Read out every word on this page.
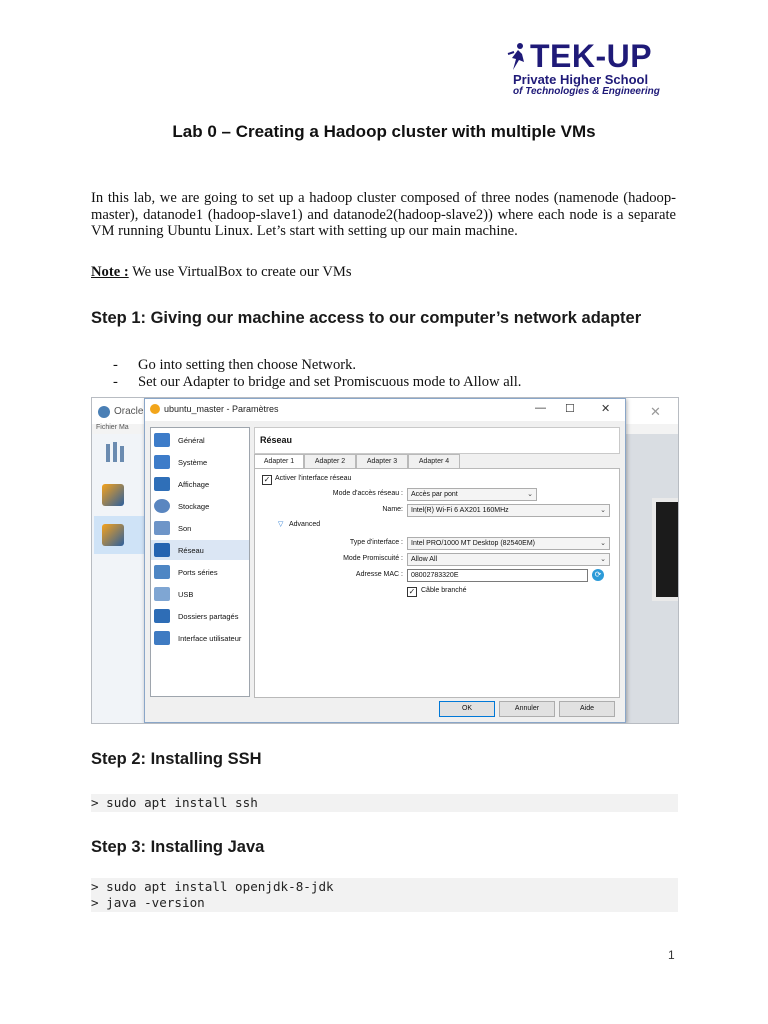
TEK-UP
Private Higher School
of Technologies & Engineering
Lab 0 – Creating a Hadoop cluster with multiple VMs
In this lab, we are going to set up a hadoop cluster composed of three nodes (namenode (hadoop-master), datanode1 (hadoop-slave1) and datanode2(hadoop-slave2)) where each node is a separate VM running Ubuntu Linux. Let’s start with setting up our main machine.
Note : We use VirtualBox to create our VMs
Step 1: Giving our machine access to our computer’s network adapter
- Go into setting then choose Network.
- Set our Adapter to bridge and set Promiscuous mode to Allow all.
Oracle	✕
Fichier Ma
ubuntu_master - Paramètres	— ☐ ✕
Général
Système
Affichage
Stockage
Son
Réseau
Ports séries
USB
Dossiers partagés
Interface utilisateur
Réseau
Adapter 1	Adapter 2	Adapter 3	Adapter 4
✓ Activer l'interface réseau
Mode d'accès réseau :	Accès par pont	⌄
Name:	Intel(R) Wi-Fi 6 AX201 160MHz	⌄
▽ Advanced
Type d'interface :	Intel PRO/1000 MT Desktop (82540EM)	⌄
Mode Promiscuité :	Allow All	⌄
Adresse MAC :	08002783320E	⟳
✓ Câble branché
OK	Annuler	Aide
Step 2: Installing SSH
> sudo apt install ssh
Step 3: Installing Java
> sudo apt install openjdk-8-jdk
> java -version
1
